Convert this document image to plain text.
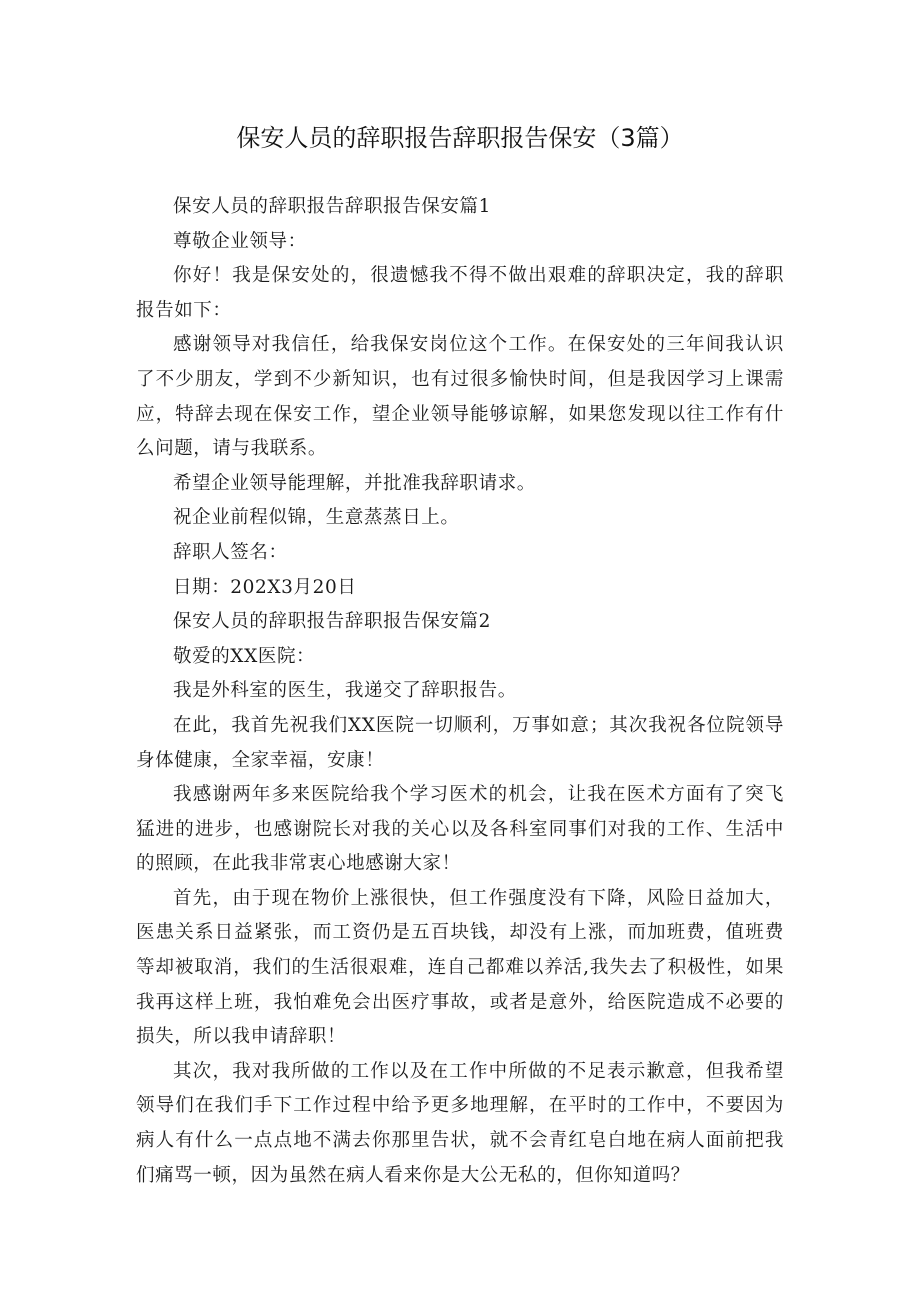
保安人员的辞职报告辞职报告保安（3篇）

保安人员的辞职报告辞职报告保安篇1

尊敬企业领导：

你好！我是保安处的，很遗憾我不得不做出艰难的辞职决定，我的辞职报告如下：

感谢领导对我信任，给我保安岗位这个工作。在保安处的三年间我认识了不少朋友，学到不少新知识，也有过很多愉快时间，但是我因学习上课需应，特辞去现在保安工作，望企业领导能够谅解，如果您发现以往工作有什么问题，请与我联系。

希望企业领导能理解，并批准我辞职请求。

祝企业前程似锦，生意蒸蒸日上。

辞职人签名：

日期：202X3月20日

保安人员的辞职报告辞职报告保安篇2

敬爱的XX医院：

我是外科室的医生，我递交了辞职报告。

在此，我首先祝我们XX医院一切顺利，万事如意；其次我祝各位院领导身体健康，全家幸福，安康！

我感谢两年多来医院给我个学习医术的机会，让我在医术方面有了突飞猛进的进步，也感谢院长对我的关心以及各科室同事们对我的工作、生活中的照顾，在此我非常衷心地感谢大家！

首先，由于现在物价上涨很快，但工作强度没有下降，风险日益加大，医患关系日益紧张，而工资仍是五百块钱，却没有上涨，而加班费，值班费等却被取消，我们的生活很艰难，连自己都难以养活,我失去了积极性，如果我再这样上班，我怕难免会出医疗事故，或者是意外，给医院造成不必要的损失，所以我申请辞职！

其次，我对我所做的工作以及在工作中所做的不足表示歉意，但我希望领导们在我们手下工作过程中给予更多地理解，在平时的工作中，不要因为病人有什么一点点地不满去你那里告状，就不会青红皂白地在病人面前把我们痛骂一顿，因为虽然在病人看来你是大公无私的，但你知道吗？
